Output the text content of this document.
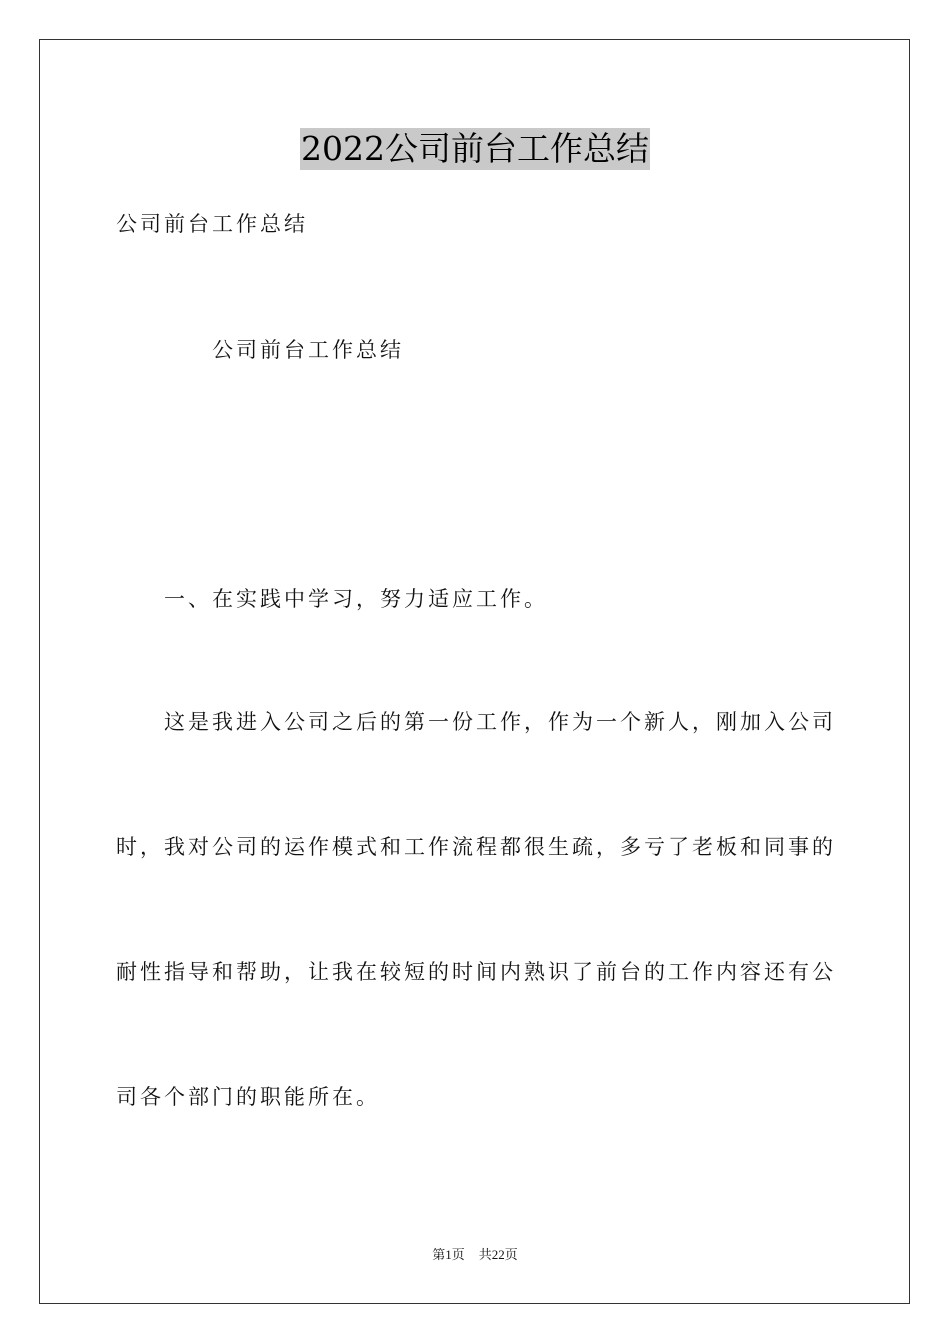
2022公司前台工作总结
公司前台工作总结
公司前台工作总结
一、在实践中学习，努力适应工作。
这是我进入公司之后的第一份工作，作为一个新人，刚加入公司
时，我对公司的运作模式和工作流程都很生疏，多亏了老板和同事的
耐性指导和帮助，让我在较短的时间内熟识了前台的工作内容还有公
司各个部门的职能所在。
第1页 共22页
